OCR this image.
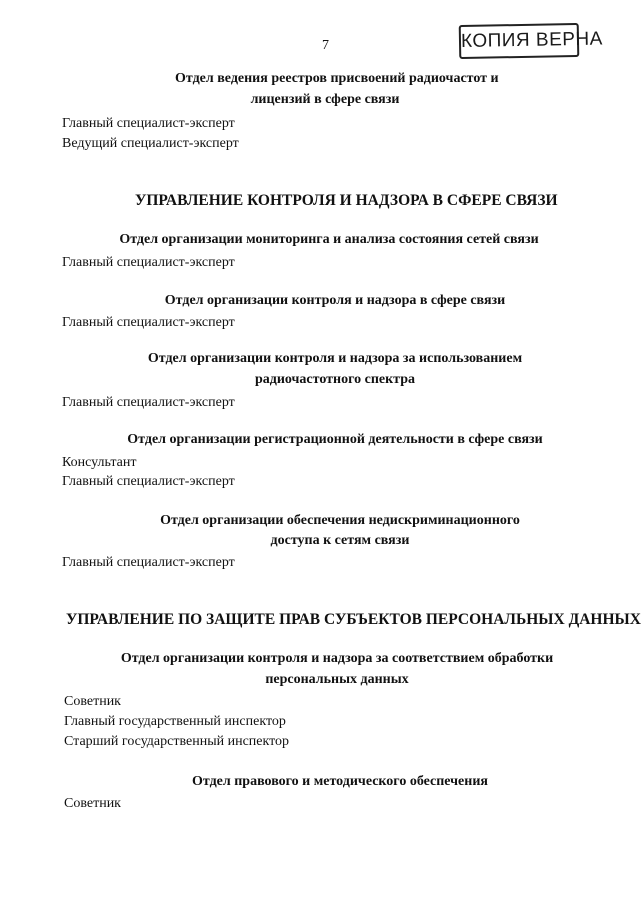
7	КОПИЯ ВЕРНА
Отдел ведения реестров присвоений радиочастот и
лицензий в сфере связи
Главный специалист-эксперт
Ведущий специалист-эксперт
УПРАВЛЕНИЕ КОНТРОЛЯ И НАДЗОРА В СФЕРЕ СВЯЗИ
Отдел организации мониторинга и анализа состояния сетей связи
Главный специалист-эксперт
Отдел организации контроля и надзора в сфере связи
Главный специалист-эксперт
Отдел организации контроля и надзора за использованием
радиочастотного спектра
Главный специалист-эксперт
Отдел организации регистрационной деятельности в сфере связи
Консультант
Главный специалист-эксперт
Отдел организации обеспечения недискриминационного
доступа к сетям связи
Главный специалист-эксперт
УПРАВЛЕНИЕ ПО ЗАЩИТЕ ПРАВ СУБЪЕКТОВ ПЕРСОНАЛЬНЫХ ДАННЫХ
Отдел организации контроля и надзора за соответствием обработки
персональных данных
Советник
Главный государственный инспектор
Старший государственный инспектор
Отдел правового и методического обеспечения
Советник
